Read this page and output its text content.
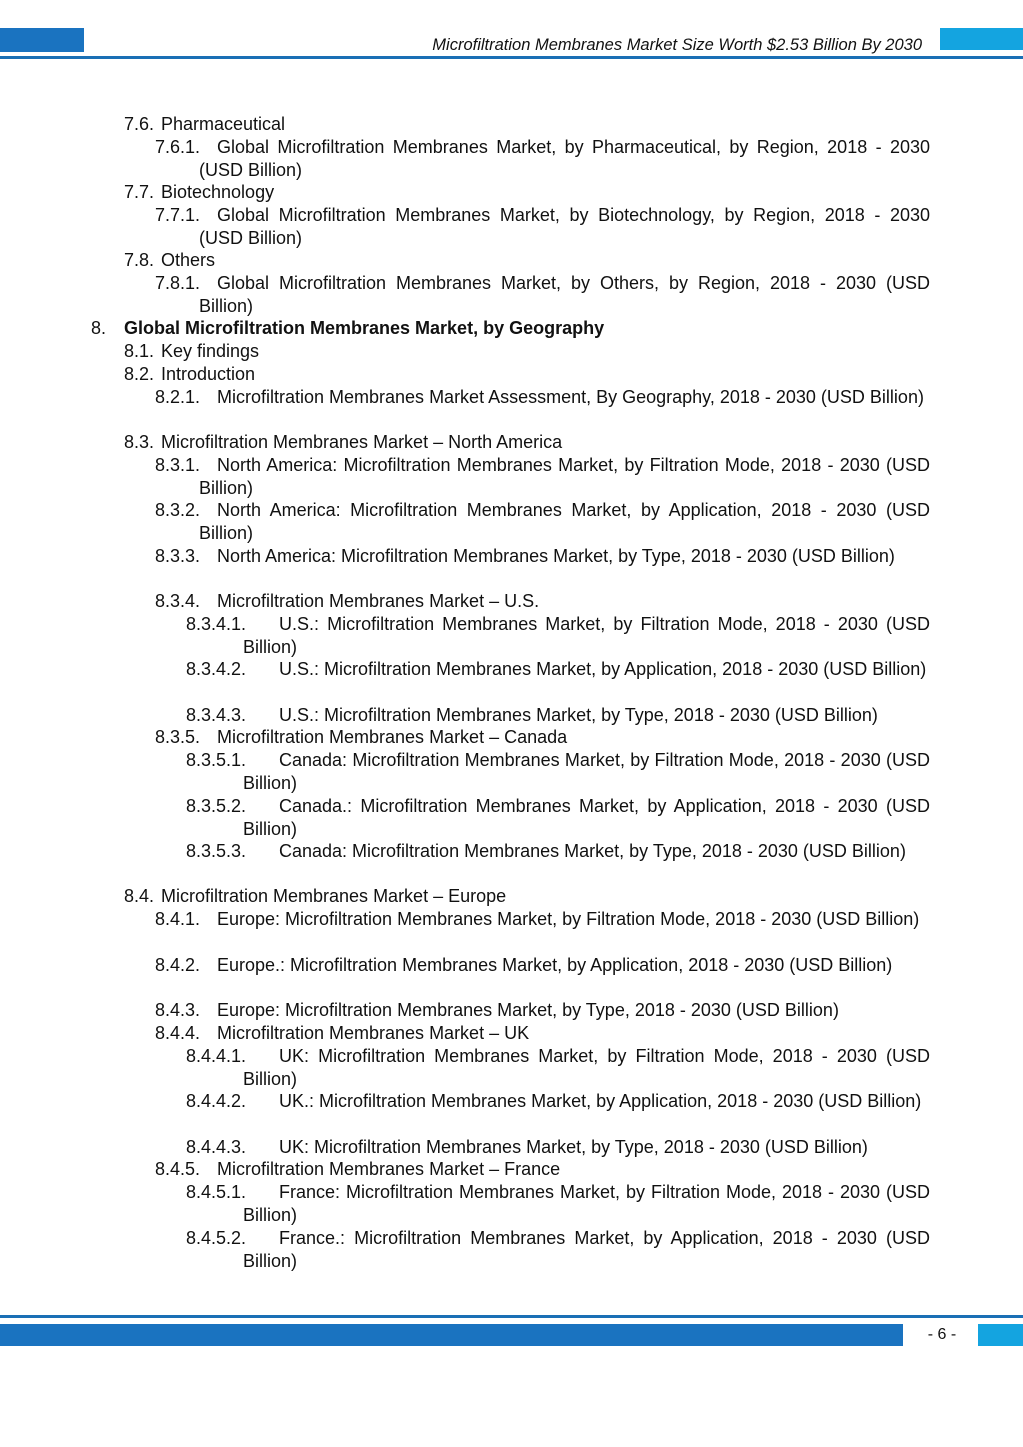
Microfiltration Membranes Market Size Worth $2.53 Billion By 2030
7.6. Pharmaceutical
7.6.1. Global Microfiltration Membranes Market, by Pharmaceutical, by Region, 2018 - 2030 (USD Billion)
7.7. Biotechnology
7.7.1. Global Microfiltration Membranes Market, by Biotechnology, by Region, 2018 - 2030 (USD Billion)
7.8. Others
7.8.1. Global Microfiltration Membranes Market, by Others, by Region, 2018 - 2030 (USD Billion)
8. Global Microfiltration Membranes Market, by Geography
8.1. Key findings
8.2. Introduction
8.2.1. Microfiltration Membranes Market Assessment, By Geography, 2018 - 2030 (USD Billion)
8.3. Microfiltration Membranes Market – North America
8.3.1. North America: Microfiltration Membranes Market, by Filtration Mode, 2018 - 2030 (USD Billion)
8.3.2. North America: Microfiltration Membranes Market, by Application, 2018 - 2030 (USD Billion)
8.3.3. North America: Microfiltration Membranes Market, by Type, 2018 - 2030 (USD Billion)
8.3.4. Microfiltration Membranes Market – U.S.
8.3.4.1.	U.S.: Microfiltration Membranes Market, by Filtration Mode, 2018 - 2030 (USD Billion)
8.3.4.2.	U.S.: Microfiltration Membranes Market, by Application, 2018 - 2030 (USD Billion)
8.3.4.3.	U.S.: Microfiltration Membranes Market, by Type, 2018 - 2030 (USD Billion)
8.3.5. Microfiltration Membranes Market – Canada
8.3.5.1.	Canada: Microfiltration Membranes Market, by Filtration Mode, 2018 - 2030 (USD Billion)
8.3.5.2.	Canada.: Microfiltration Membranes Market, by Application, 2018 - 2030 (USD Billion)
8.3.5.3.	Canada: Microfiltration Membranes Market, by Type, 2018 - 2030 (USD Billion)
8.4. Microfiltration Membranes Market – Europe
8.4.1. Europe: Microfiltration Membranes Market, by Filtration Mode, 2018 - 2030 (USD Billion)
8.4.2. Europe.: Microfiltration Membranes Market, by Application, 2018 - 2030 (USD Billion)
8.4.3. Europe: Microfiltration Membranes Market, by Type, 2018 - 2030 (USD Billion)
8.4.4. Microfiltration Membranes Market – UK
8.4.4.1.	UK: Microfiltration Membranes Market, by Filtration Mode, 2018 - 2030 (USD Billion)
8.4.4.2.	UK.: Microfiltration Membranes Market, by Application, 2018 - 2030 (USD Billion)
8.4.4.3.	UK: Microfiltration Membranes Market, by Type, 2018 - 2030 (USD Billion)
8.4.5. Microfiltration Membranes Market – France
8.4.5.1.	France: Microfiltration Membranes Market, by Filtration Mode, 2018 - 2030 (USD Billion)
8.4.5.2.	France.: Microfiltration Membranes Market, by Application, 2018 - 2030 (USD Billion)
- 6 -
